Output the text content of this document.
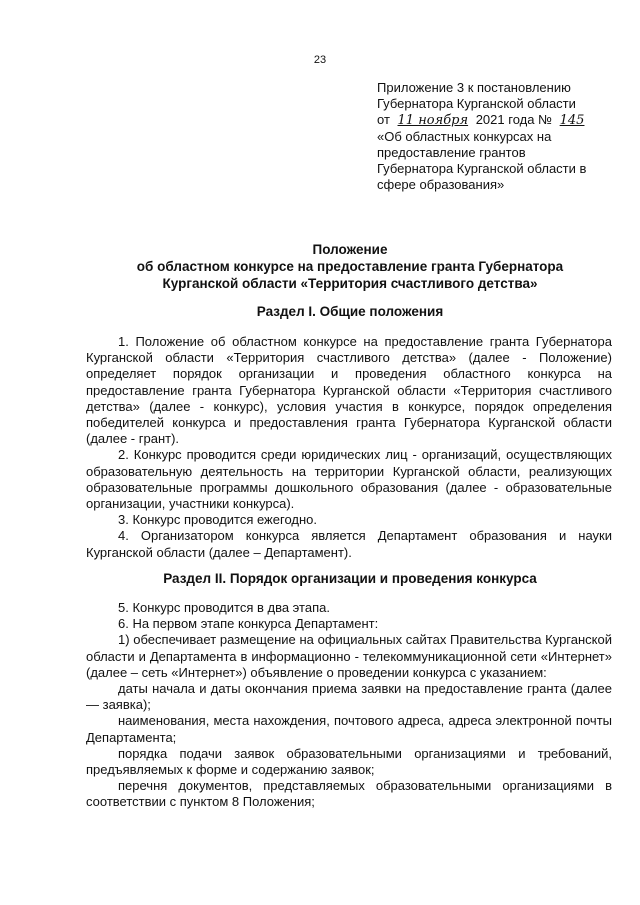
23
Приложение 3 к постановлению
Губернатора Курганской области
от 11 ноября 2021 года № 145
«Об областных конкурсах на
предоставление грантов
Губернатора Курганской области в
сфере образования»
Положение
об областном конкурсе на предоставление гранта Губернатора
Курганской области «Территория счастливого детства»
Раздел I. Общие положения

1. Положение об областном конкурсе на предоставление гранта Губернатора Курганской области «Территория счастливого детства» (далее - Положение) определяет порядок организации и проведения областного конкурса на предоставление гранта Губернатора Курганской области «Территория счастливого детства» (далее - конкурс), условия участия в конкурсе, порядок определения победителей конкурса и предоставления гранта Губернатора Курганской области (далее - грант).

2. Конкурс проводится среди юридических лиц - организаций, осуществляющих образовательную деятельность на территории Курганской области, реализующих образовательные программы дошкольного образования (далее - образовательные организации, участники конкурса).

3. Конкурс проводится ежегодно.

4. Организатором конкурса является Департамент образования и науки Курганской области (далее – Департамент).

Раздел II. Порядок организации и проведения конкурса

5. Конкурс проводится в два этапа.

6. На первом этапе конкурса Департамент:

1) обеспечивает размещение на официальных сайтах Правительства Курганской области и Департамента в информационно - телекоммуникационной сети «Интернет» (далее – сеть «Интернет») объявление о проведении конкурса с указанием:

даты начала и даты окончания приема заявки на предоставление гранта (далее — заявка);

наименования, места нахождения, почтового адреса, адреса электронной почты Департамента;

порядка подачи заявок образовательными организациями и требований, предъявляемых к форме и содержанию заявок;

перечня документов, представляемых образовательными организациями в соответствии с пунктом 8 Положения;
